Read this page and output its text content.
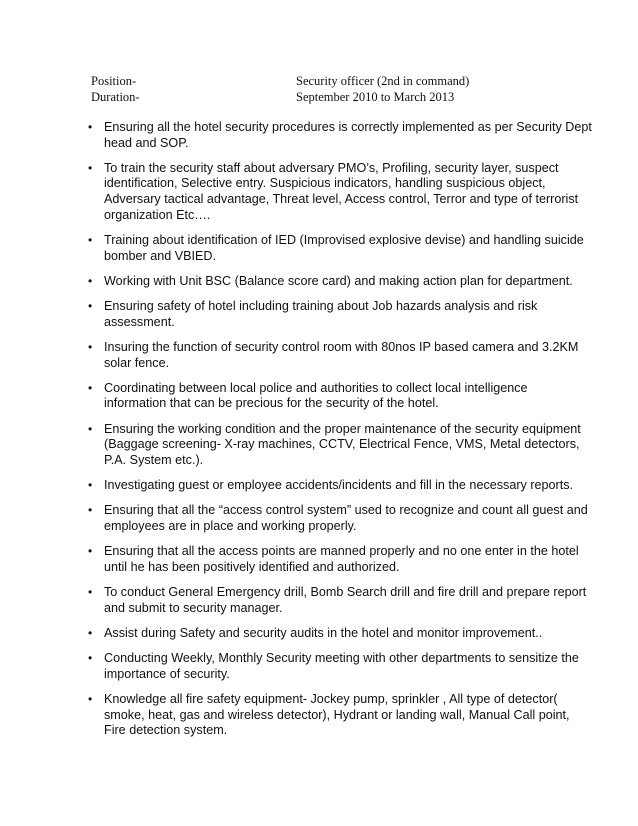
Position-	Security officer (2nd in command)
Duration-	September 2010 to March 2013
• Ensuring all the hotel security procedures is correctly implemented as per Security Dept head and SOP.
• To train the security staff about adversary PMO’s, Profiling, security layer, suspect identification, Selective entry. Suspicious indicators, handling suspicious object, Adversary tactical advantage, Threat level, Access control, Terror and type of terrorist organization Etc….
• Training about identification of IED (Improvised explosive devise) and handling suicide bomber and VBIED.
• Working with Unit BSC (Balance score card) and making action plan for department.
• Ensuring safety of hotel including training about Job hazards analysis and risk assessment.
• Insuring the function of security control room with 80nos IP based camera and 3.2KM solar fence.
• Coordinating between local police and authorities to collect local intelligence information that can be precious for the security of the hotel.
• Ensuring the working condition and the proper maintenance of the security equipment (Baggage screening- X-ray machines, CCTV, Electrical Fence, VMS, Metal detectors, P.A. System etc.).
• Investigating guest or employee accidents/incidents and fill in the necessary reports.
• Ensuring that all the “access control system” used to recognize and count all guest and employees are in place and working properly.
• Ensuring that all the access points are manned properly and no one enter in the hotel until he has been positively identified and authorized.
• To conduct General Emergency drill, Bomb Search drill and fire drill and prepare report and submit to security manager.
• Assist during Safety and security audits in the hotel and monitor improvement..
• Conducting Weekly, Monthly Security meeting with other departments to sensitize the importance of security.
• Knowledge all fire safety equipment- Jockey pump, sprinkler , All type of detector( smoke, heat, gas and wireless detector), Hydrant or landing wall, Manual Call point, Fire detection system.
